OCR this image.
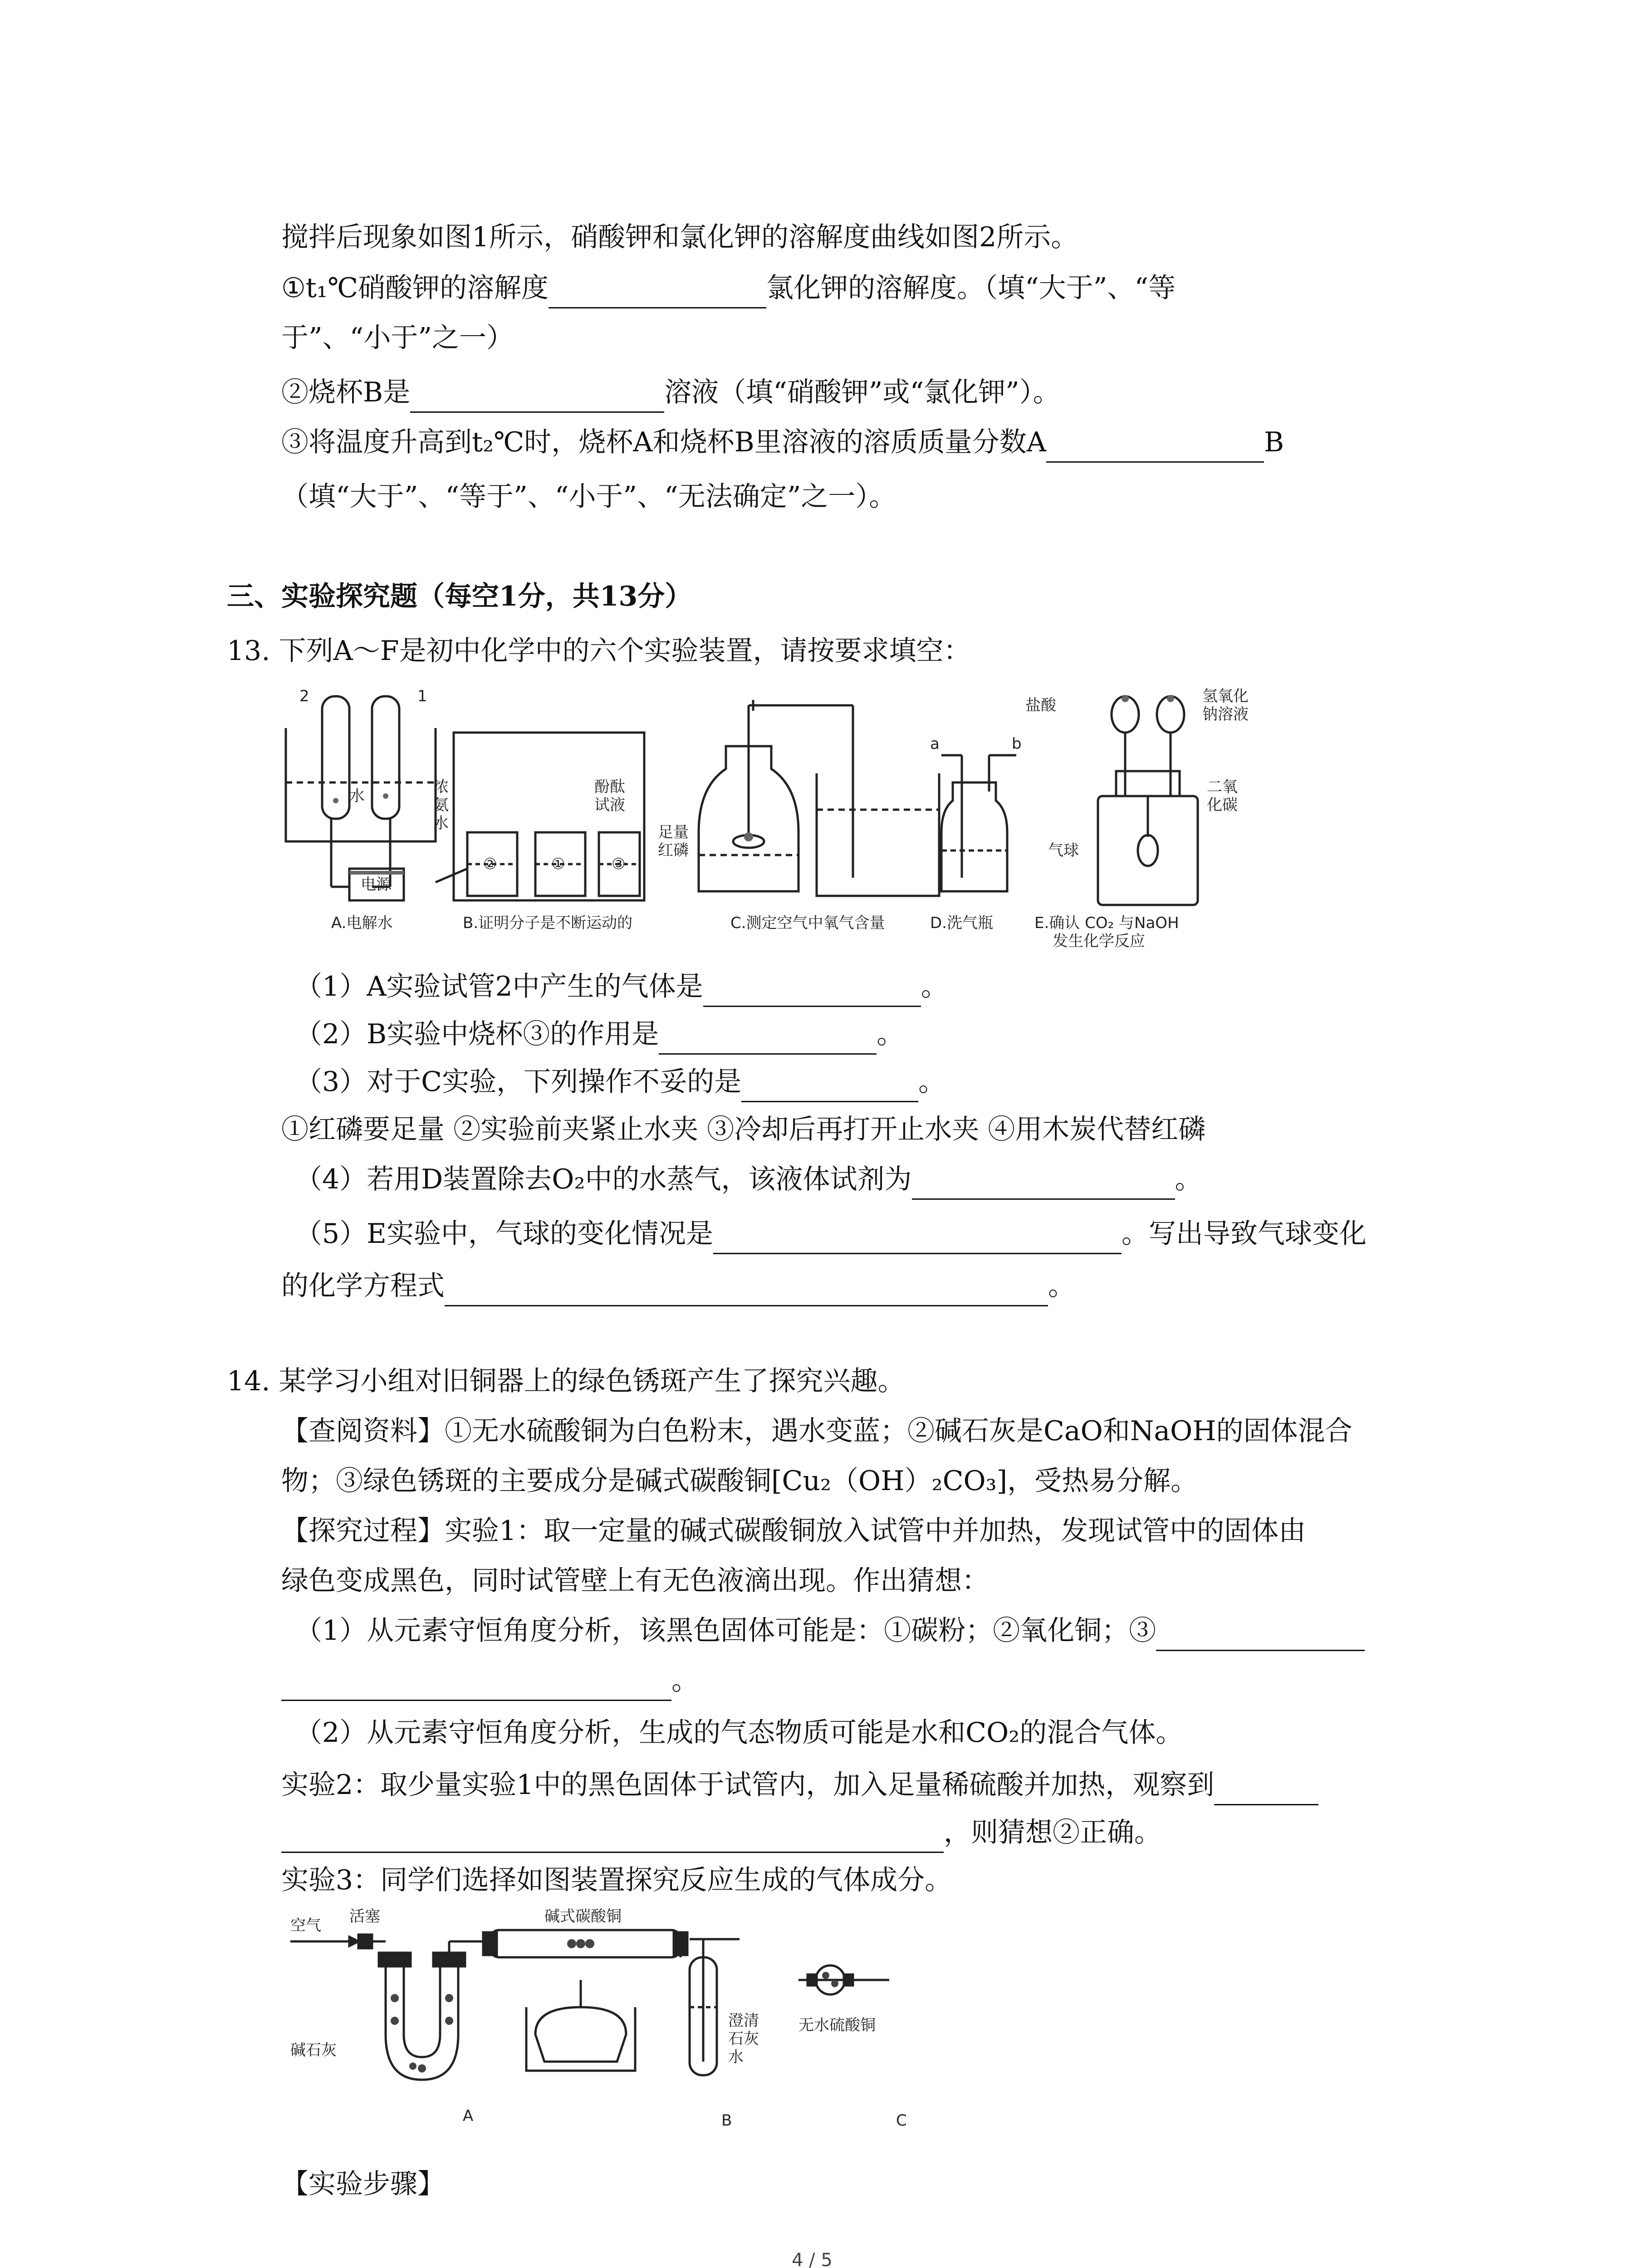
搅拌后现象如图1所示，硝酸钾和氯化钾的溶解度曲线如图2所示。
①t₁℃硝酸钾的溶解度	氯化钾的溶解度。（填“大于”、“等
于”、“小于”之一）
②烧杯B是	溶液（填“硝酸钾”或“氯化钾”）。
③将温度升高到t₂℃时，烧杯A和烧杯B里溶液的溶质质量分数A	B
（填“大于”、“等于”、“小于”、“无法确定”之一）。
三、实验探究题（每空1分，共13分）
13. 下列A～F是初中化学中的六个实验装置，请按要求填空：
2	1
水
电源
浓
氨
水
酚酞
试液
②	①	③
足量
红磷
a	b
盐酸	氢氧化
钠溶液
二氧
化碳
气球
A.电解水	B.证明分子是不断运动的	C.测定空气中氧气含量	D.洗气瓶	E.确认 CO₂ 与NaOH
发生化学反应
（1）A实验试管2中产生的气体是	。
（2）B实验中烧杯③的作用是	。
（3）对于C实验，下列操作不妥的是	。
①红磷要足量 ②实验前夹紧止水夹 ③冷却后再打开止水夹 ④用木炭代替红磷
（4）若用D装置除去O₂中的水蒸气，该液体试剂为	。
（5）E实验中，气球的变化情况是	。写出导致气球变化
的化学方程式	。
14. 某学习小组对旧铜器上的绿色锈斑产生了探究兴趣。
【查阅资料】①无水硫酸铜为白色粉末，遇水变蓝；②碱石灰是CaO和NaOH的固体混合
物；③绿色锈斑的主要成分是碱式碳酸铜[Cu₂（OH）₂CO₃]，受热易分解。
【探究过程】实验1：取一定量的碱式碳酸铜放入试管中并加热，发现试管中的固体由
绿色变成黑色，同时试管壁上有无色液滴出现。作出猜想：
（1）从元素守恒角度分析，该黑色固体可能是：①碳粉；②氧化铜；③
。
（2）从元素守恒角度分析，生成的气态物质可能是水和CO₂的混合气体。
实验2：取少量实验1中的黑色固体于试管内，加入足量稀硫酸并加热，观察到
，则猜想②正确。
实验3：同学们选择如图装置探究反应生成的气体成分。
空气 活塞
碱石灰
碱式碳酸铜
澄清
石灰
水
无水硫酸铜
A	B	C
【实验步骤】
4 / 5
